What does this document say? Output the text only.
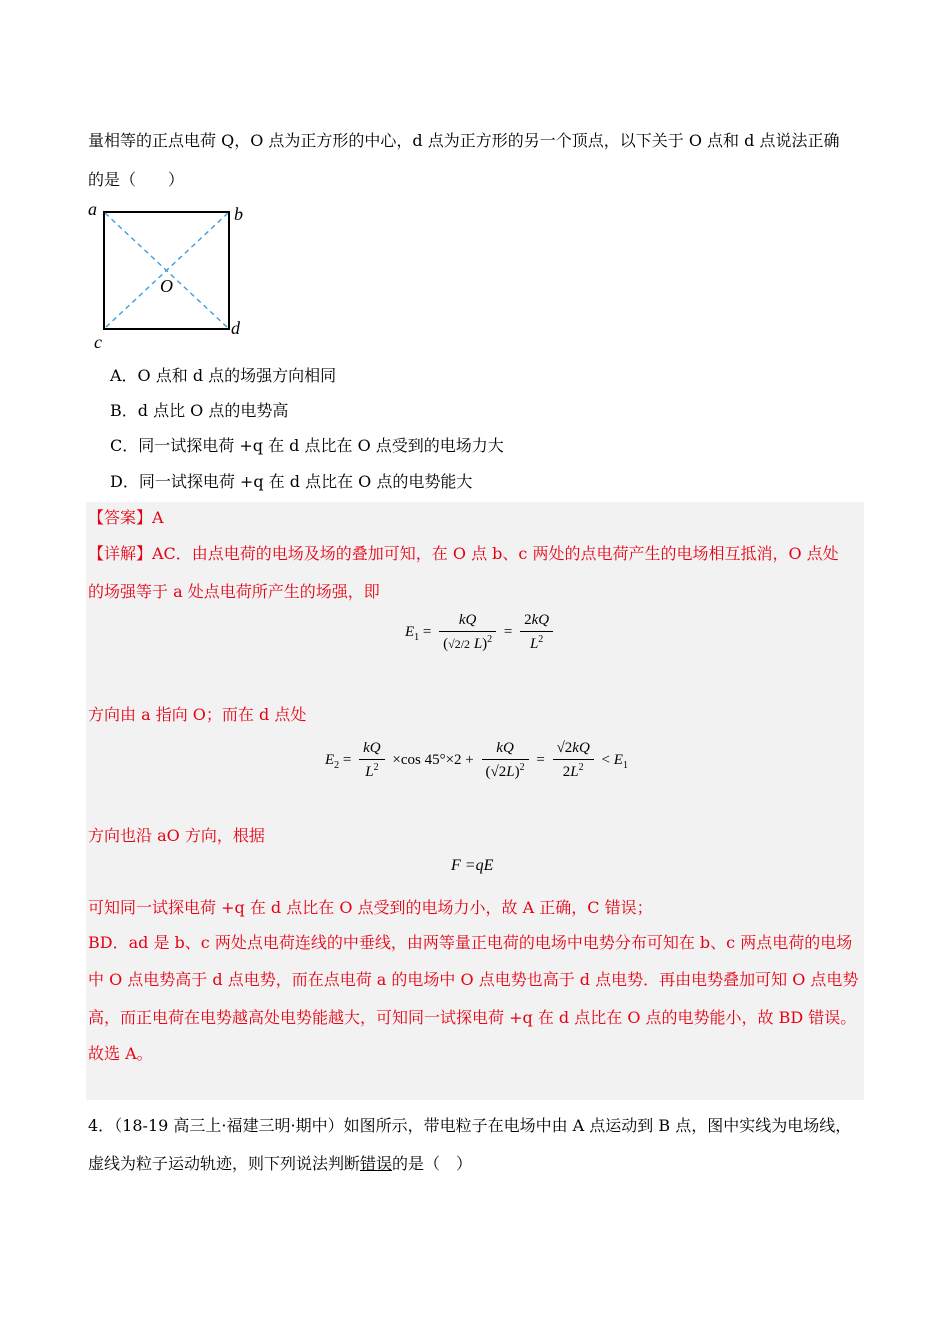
量相等的正点电荷 Q，O 点为正方形的中心，d 点为正方形的另一个顶点，以下关于 O 点和 d 点说法正确
的是（　　）
a	b
c
d
O
A．O 点和 d 点的场强方向相同
B．d 点比 O 点的电势高
C．同一试探电荷 +q 在 d 点比在 O 点受到的电场力大
D．同一试探电荷 +q 在 d 点比在 O 点的电势能大
【答案】A
【详解】AC．由点电荷的电场及场的叠加可知，在 O 点 b、c 两处的点电荷产生的电场相互抵消，O 点处
的场强等于 a 处点电荷所产生的场强，即
$E_1 = \frac{kQ}{(√2/2 L)^2} = \frac{2kQ}{L^2}$
方向由 a 指向 O；而在 d 点处
$E_2 = \frac{kQ}{L^2} \times\cos$ $45^\circ\times 2 + \frac{kQ}{(√2L)^2} = \frac{√2kQ}{2L^2} < E_1$
方向也沿 aO 方向，根据
F =qE
可知同一试探电荷 +q 在 d 点比在 O 点受到的电场力小，故 A 正确，C 错误；
BD．ad 是 b、c 两处点电荷连线的中垂线，由两等量正电荷的电场中电势分布可知在 b、c 两点电荷的电场
中 O 点电势高于 d 点电势，而在点电荷 a 的电场中 O 点电势也高于 d 点电势．再由电势叠加可知 O 点电势
高，而正电荷在电势越高处电势能越大，可知同一试探电荷 +q 在 d 点比在 O 点的电势能小，故 BD 错误。
故选 A。
4．（18-19 高三上·福建三明·期中）如图所示，带电粒子在电场中由 A 点运动到 B 点，图中实线为电场线，
虚线为粒子运动轨迹，则下列说法判断错误的是（　）
